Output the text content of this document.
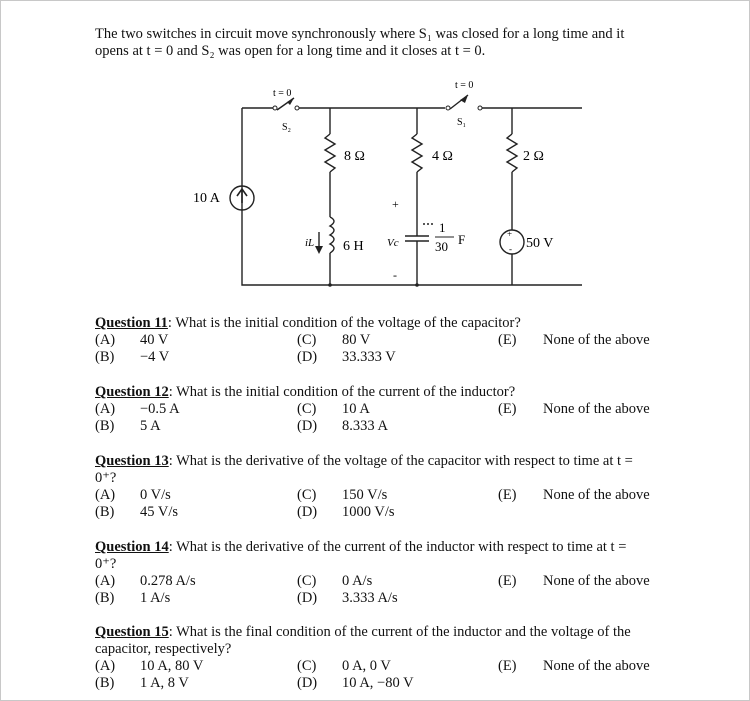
The two switches in circuit move synchronously where S₁ was closed for a long time and it opens at t = 0 and S₂ was open for a long time and it closes at t = 0.
t = 0
S₂
t = 0
S₁
8 Ω	4 Ω	2 Ω
10 A
6 H
iL	Vc
+
-
1
30 F	+
- 50 V
Question 11: What is the initial condition of the voltage of the capacitor?
(A) 40 V	(C) 80 V	(E) None of the above
(B) −4 V	(D) 33.333 V
Question 12: What is the initial condition of the current of the inductor?
(A) −0.5 A	(C) 10 A	(E) None of the above
(B) 5 A	(D) 8.333 A
Question 13: What is the derivative of the voltage of the capacitor with respect to time at t =
0⁺?
(A) 0 V/s	(C) 150 V/s	(E) None of the above
(B) 45 V/s	(D) 1000 V/s
Question 14: What is the derivative of the current of the inductor with respect to time at t =
0⁺?
(A) 0.278 A/s	(C) 0 A/s	(E) None of the above
(B) 1 A/s	(D) 3.333 A/s
Question 15: What is the final condition of the current of the inductor and the voltage of the
capacitor, respectively?
(A) 10 A, 80 V	(C) 0 A, 0 V	(E) None of the above
(B) 1 A, 8 V	(D) 10 A, −80 V
